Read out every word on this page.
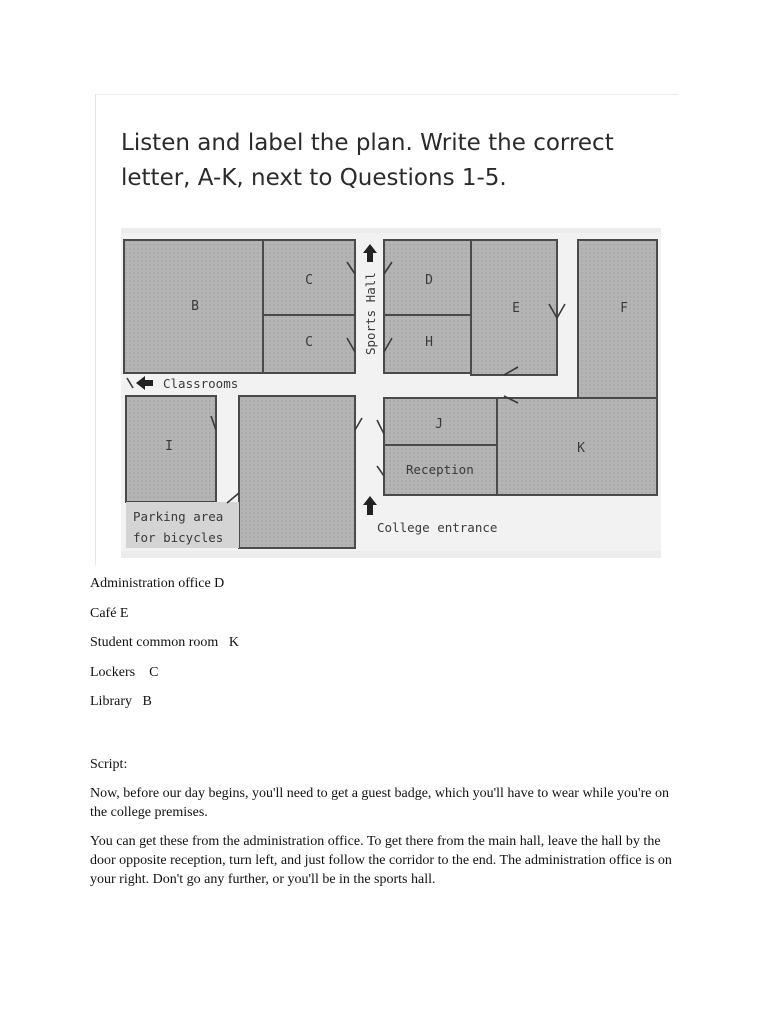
Listen and label the plan. Write the correct letter, A-K, next to Questions 1-5.

B
C
C
D
H
E	F
I
J
K
Classrooms
Reception
Parking area
for bicycles
College entrance
Sports Hall
Administration office D
Café E
Student common room   K
Lockers    C
Library   B

Script:

Now, before our day begins, you'll need to get a guest badge, which you'll have to wear while you're on the college premises.

You can get these from the administration office. To get there from the main hall, leave the hall by the door opposite reception, turn left, and just follow the corridor to the end. The administration office is on your right. Don't go any further, or you'll be in the sports hall.
